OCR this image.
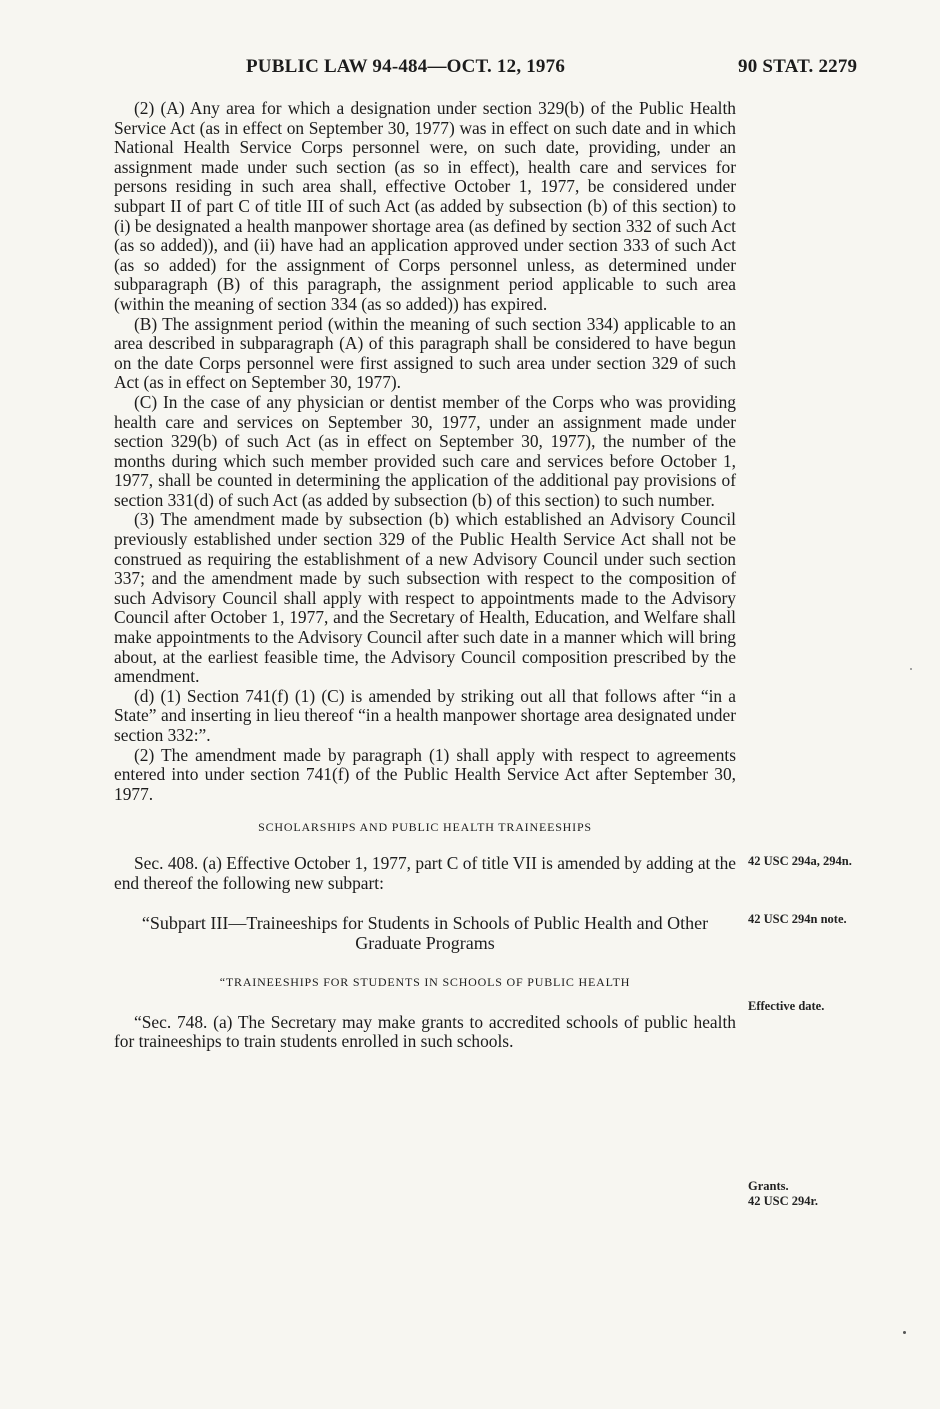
PUBLIC LAW 94-484—OCT. 12, 1976	90 STAT. 2279

(2) (A) Any area for which a designation under section 329(b) of the Public Health Service Act (as in effect on September 30, 1977) was in effect on such date and in which National Health Service Corps personnel were, on such date, providing, under an assignment made under such section (as so in effect), health care and services for persons residing in such area shall, effective October 1, 1977, be considered under subpart II of part C of title III of such Act (as added by subsection (b) of this section) to (i) be designated a health manpower shortage area (as defined by section 332 of such Act (as so added)), and (ii) have had an application approved under section 333 of such Act (as so added) for the assignment of Corps personnel unless, as determined under subparagraph (B) of this paragraph, the assignment period applicable to such area (within the meaning of section 334 (as so added)) has expired.

(B) The assignment period (within the meaning of such section 334) applicable to an area described in subparagraph (A) of this paragraph shall be considered to have begun on the date Corps personnel were first assigned to such area under section 329 of such Act (as in effect on September 30, 1977).

(C) In the case of any physician or dentist member of the Corps who was providing health care and services on September 30, 1977, under an assignment made under section 329(b) of such Act (as in effect on September 30, 1977), the number of the months during which such member provided such care and services before October 1, 1977, shall be counted in determining the application of the additional pay provisions of section 331(d) of such Act (as added by subsection (b) of this section) to such number.

(3) The amendment made by subsection (b) which established an Advisory Council previously established under section 329 of the Public Health Service Act shall not be construed as requiring the establishment of a new Advisory Council under such section 337; and the amendment made by such subsection with respect to the composition of such Advisory Council shall apply with respect to appointments made to the Advisory Council after October 1, 1977, and the Secretary of Health, Education, and Welfare shall make appointments to the Advisory Council after such date in a manner which will bring about, at the earliest feasible time, the Advisory Council composition prescribed by the amendment.

(d) (1) Section 741(f) (1) (C) is amended by striking out all that follows after “in a State” and inserting in lieu thereof “in a health manpower shortage area designated under section 332:”.

(2) The amendment made by paragraph (1) shall apply with respect to agreements entered into under section 741(f) of the Public Health Service Act after September 30, 1977.

SCHOLARSHIPS AND PUBLIC HEALTH TRAINEESHIPS

Sec. 408. (a) Effective October 1, 1977, part C of title VII is amended by adding at the end thereof the following new subpart:

“Subpart III—Traineeships for Students in Schools of Public Health and Other Graduate Programs

“TRAINEESHIPS FOR STUDENTS IN SCHOOLS OF PUBLIC HEALTH

“Sec. 748. (a) The Secretary may make grants to accredited schools of public health for traineeships to train students enrolled in such schools.

42 USC 294a, 294n.
42 USC 294n note.
Effective date.
Grants.
42 USC 294r.
